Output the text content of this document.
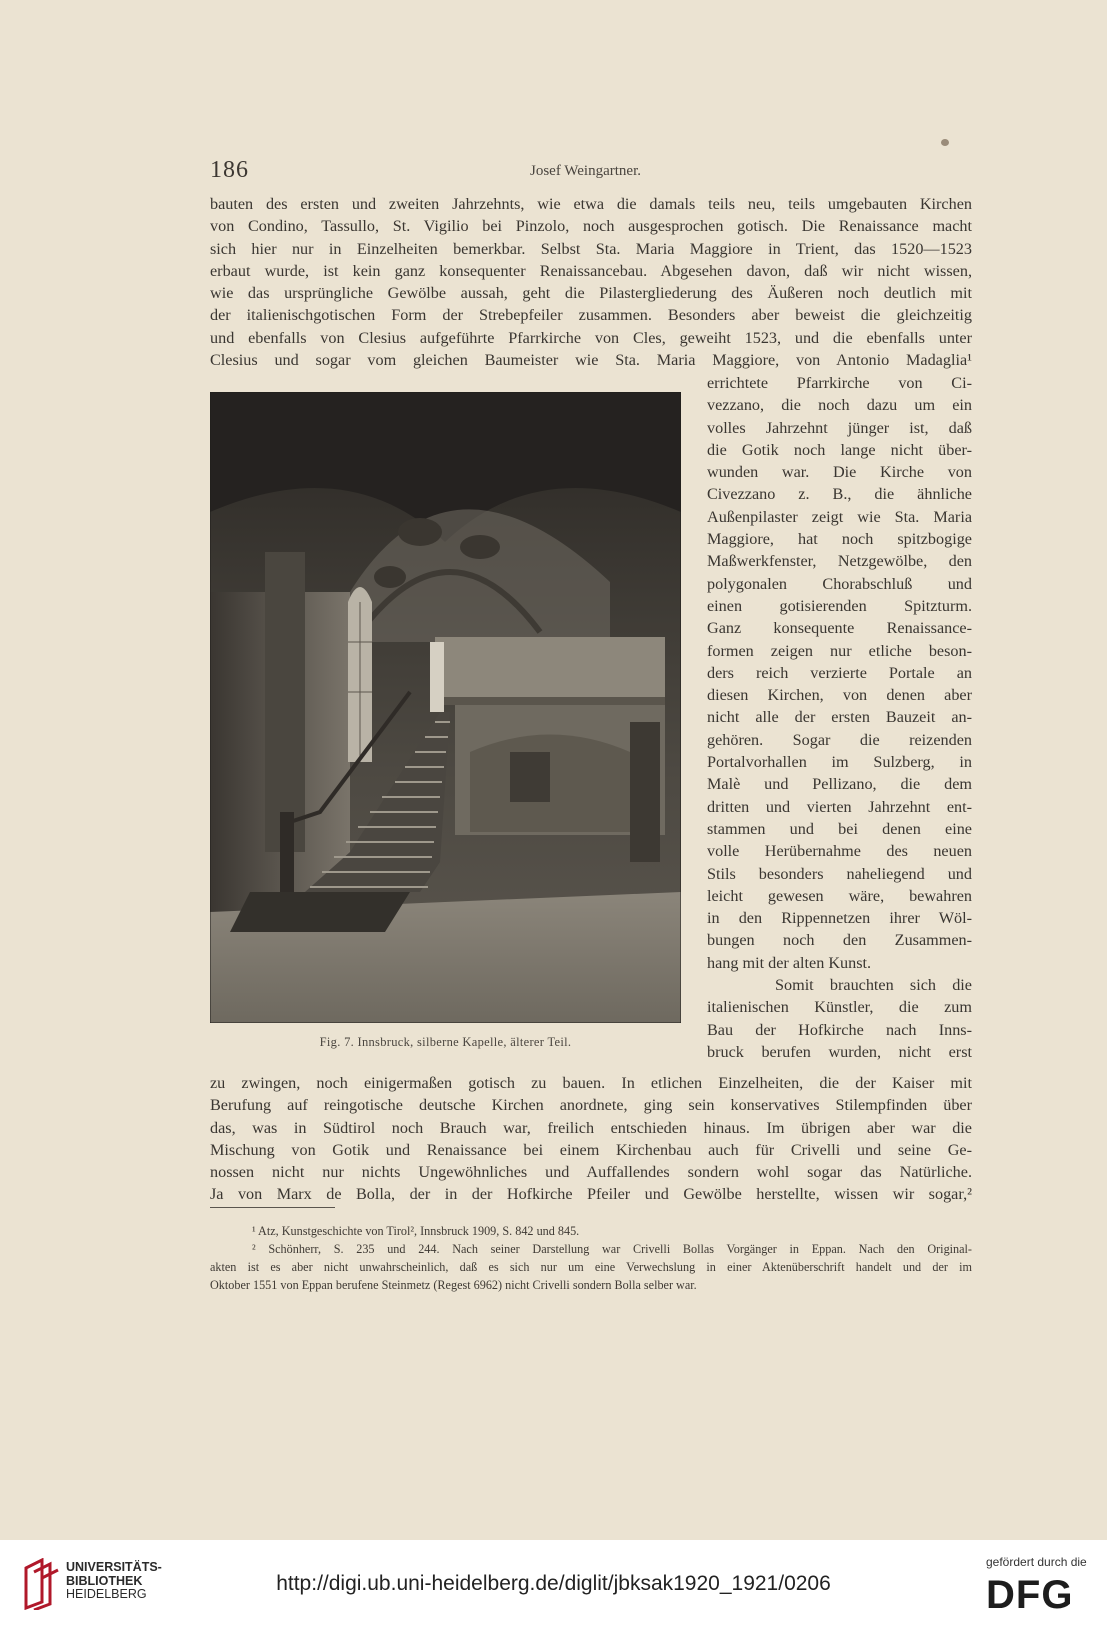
186	Josef Weingartner.
bauten des ersten und zweiten Jahrzehnts, wie etwa die damals teils neu, teils umgebauten Kirchen
von Condino, Tassullo, St. Vigilio bei Pinzolo, noch ausgesprochen gotisch. Die Renaissance macht
sich hier nur in Einzelheiten bemerkbar. Selbst Sta. Maria Maggiore in Trient, das 1520—1523
erbaut wurde, ist kein ganz konsequenter Renaissancebau. Abgesehen davon, daß wir nicht wissen,
wie das ursprüngliche Gewölbe aussah, geht die Pilastergliederung des Äußeren noch deutlich mit
der italienischgotischen Form der Strebepfeiler zusammen. Besonders aber beweist die gleichzeitig
und ebenfalls von Clesius aufgeführte Pfarrkirche von Cles, geweiht 1523, und die ebenfalls unter
Clesius und sogar vom gleichen Baumeister wie Sta. Maria Maggiore, von Antonio Madaglia¹
Fig. 7. Innsbruck, silberne Kapelle, älterer Teil.
errichtete Pfarrkirche von Ci-
vezzano, die noch dazu um ein
volles Jahrzehnt jünger ist, daß
die Gotik noch lange nicht über-
wunden war. Die Kirche von
Civezzano z. B., die ähnliche
Außenpilaster zeigt wie Sta. Maria
Maggiore, hat noch spitzbogige
Maßwerkfenster, Netzgewölbe, den
polygonalen Chorabschluß und
einen gotisierenden Spitzturm.
Ganz konsequente Renaissance-
formen zeigen nur etliche beson-
ders reich verzierte Portale an
diesen Kirchen, von denen aber
nicht alle der ersten Bauzeit an-
gehören. Sogar die reizenden
Portalvorhallen im Sulzberg, in
Malè und Pellizano, die dem
dritten und vierten Jahrzehnt ent-
stammen und bei denen eine
volle Herübernahme des neuen
Stils besonders naheliegend und
leicht gewesen wäre, bewahren
in den Rippennetzen ihrer Wöl-
bungen noch den Zusammen-
hang mit der alten Kunst.
Somit brauchten sich die
italienischen Künstler, die zum
Bau der Hofkirche nach Inns-
bruck berufen wurden, nicht erst
zu zwingen, noch einigermaßen gotisch zu bauen. In etlichen Einzelheiten, die der Kaiser mit
Berufung auf reingotische deutsche Kirchen anordnete, ging sein konservatives Stilempfinden über
das, was in Südtirol noch Brauch war, freilich entschieden hinaus. Im übrigen aber war die
Mischung von Gotik und Renaissance bei einem Kirchenbau auch für Crivelli und seine Ge-
nossen nicht nur nichts Ungewöhnliches und Auffallendes sondern wohl sogar das Natürliche.
Ja von Marx de Bolla, der in der Hofkirche Pfeiler und Gewölbe herstellte, wissen wir sogar,²
¹ Atz, Kunstgeschichte von Tirol², Innsbruck 1909, S. 842 und 845.
² Schönherr, S. 235 und 244. Nach seiner Darstellung war Crivelli Bollas Vorgänger in Eppan. Nach den Original-
akten ist es aber nicht unwahrscheinlich, daß es sich nur um eine Verwechslung in einer Aktenüberschrift handelt und der im
Oktober 1551 von Eppan berufene Steinmetz (Regest 6962) nicht Crivelli sondern Bolla selber war.
UNIVERSITÄTS-
BIBLIOTHEK
HEIDELBERG	http://digi.ub.uni-heidelberg.de/diglit/jbksak1920_1921/0206
gefördert durch die
DFG
